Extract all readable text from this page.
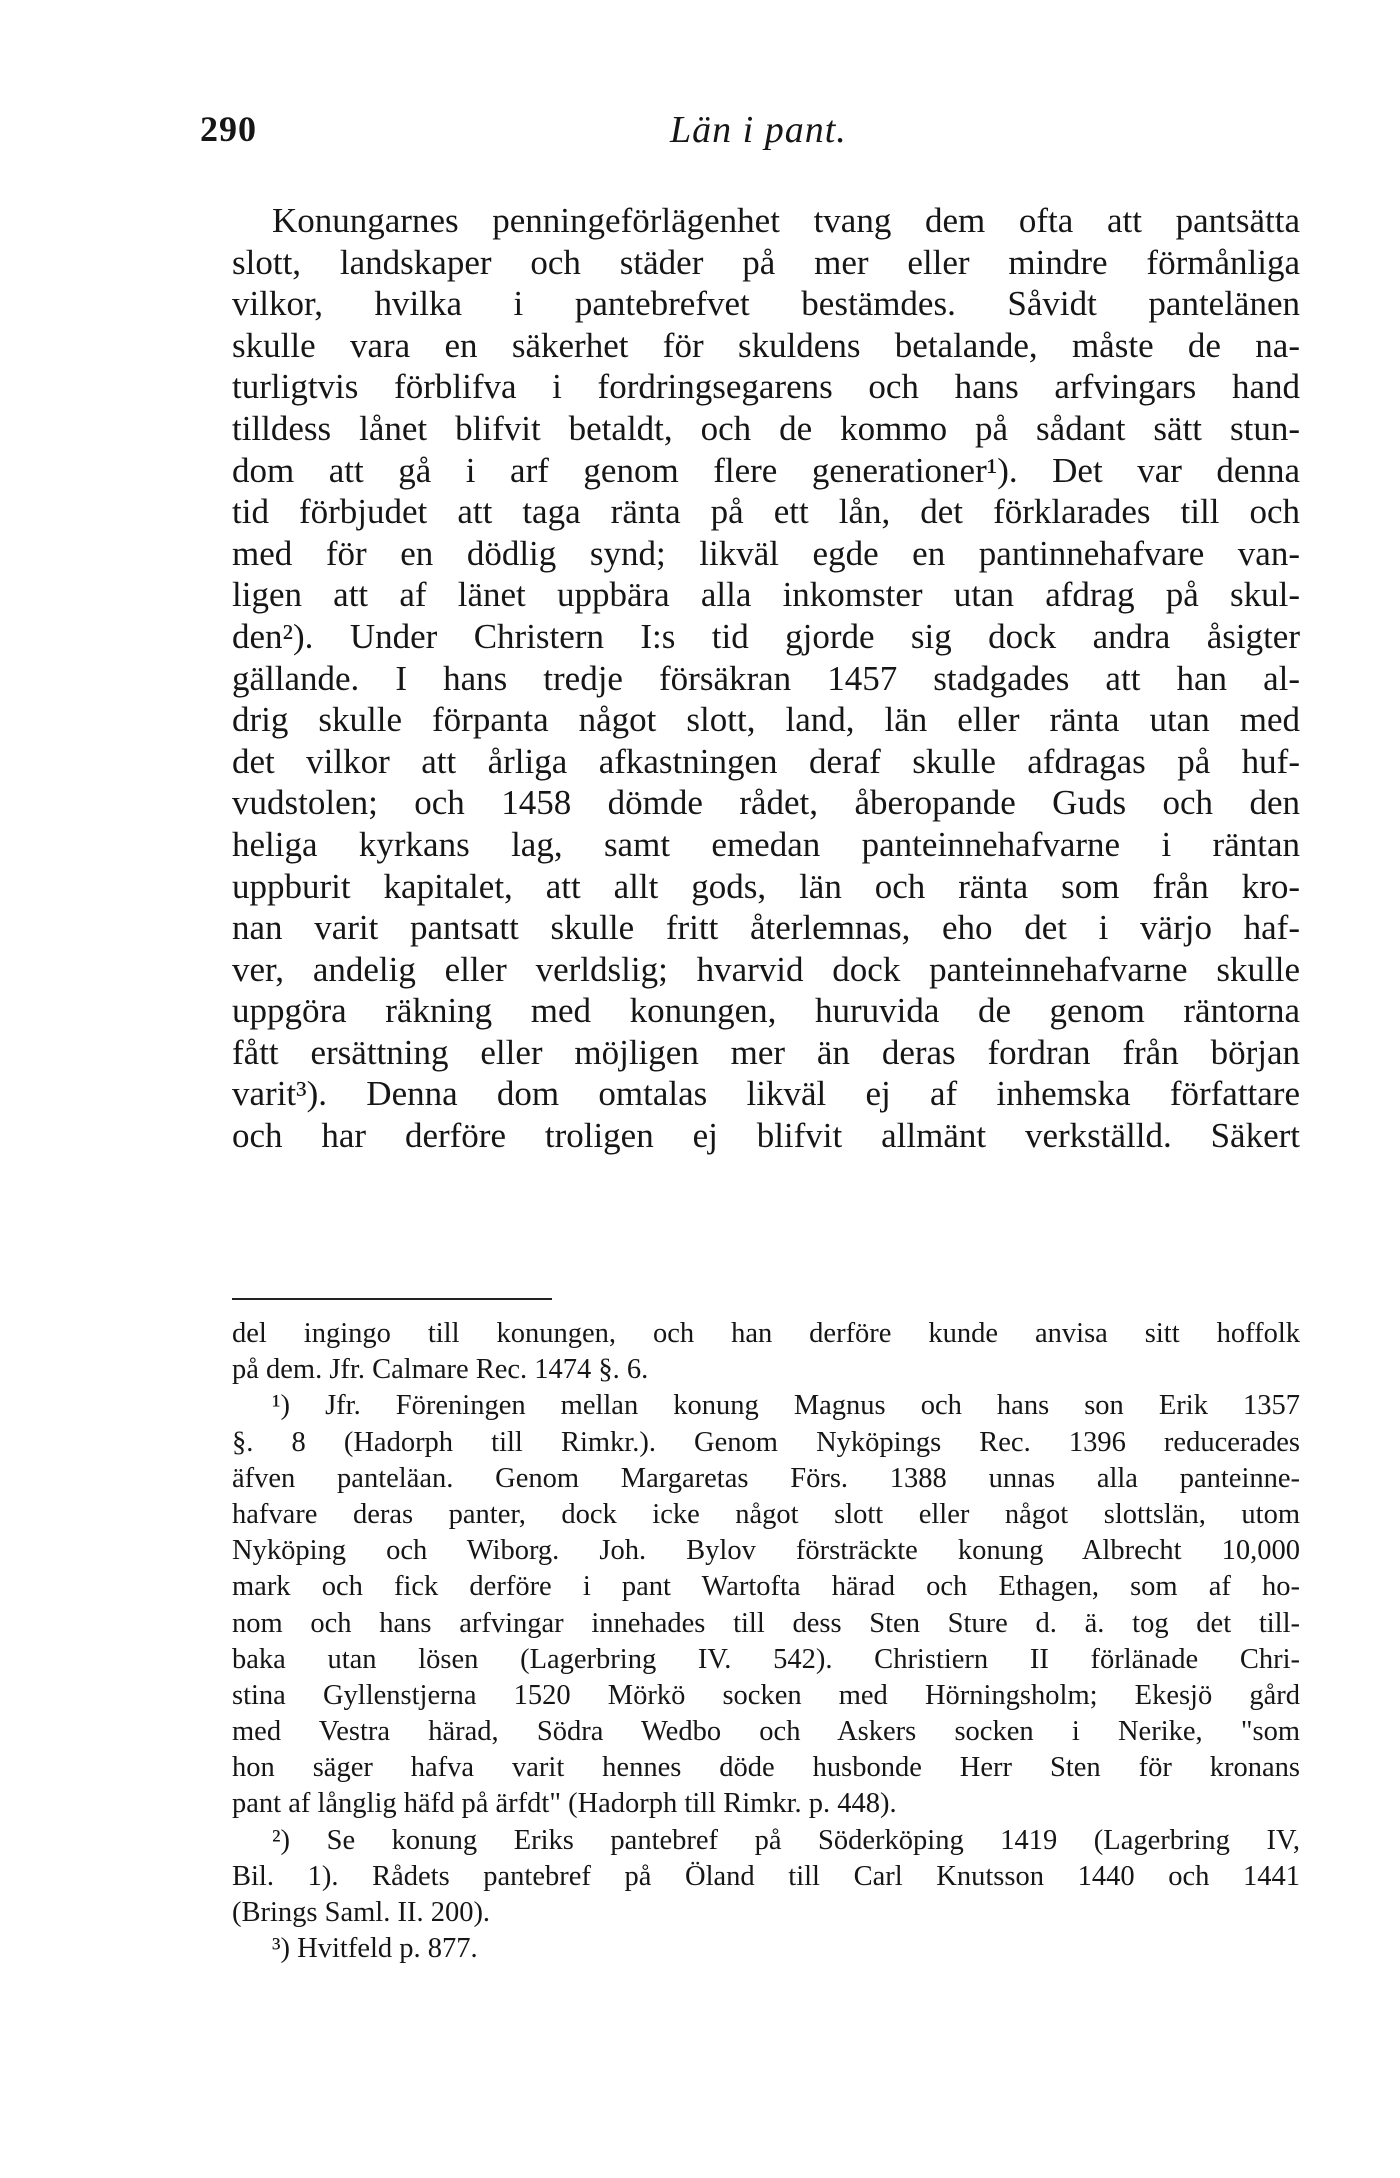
290	Län i pant.
Konungarnes penningeförlägenhet tvang dem ofta att pantsätta
slott, landskaper och städer på mer eller mindre förmånliga
vilkor, hvilka i pantebrefvet bestämdes. Såvidt pantelänen
skulle vara en säkerhet för skuldens betalande, måste de na-
turligtvis förblifva i fordringsegarens och hans arfvingars hand
tilldess lånet blifvit betaldt, och de kommo på sådant sätt stun-
dom att gå i arf genom flere generationer¹). Det var denna
tid förbjudet att taga ränta på ett lån, det förklarades till och
med för en dödlig synd; likväl egde en pantinnehafvare van-
ligen att af länet uppbära alla inkomster utan afdrag på skul-
den²). Under Christern I:s tid gjorde sig dock andra åsigter
gällande. I hans tredje försäkran 1457 stadgades att han al-
drig skulle förpanta något slott, land, län eller ränta utan med
det vilkor att årliga afkastningen deraf skulle afdragas på huf-
vudstolen; och 1458 dömde rådet, åberopande Guds och den
heliga kyrkans lag, samt emedan panteinnehafvarne i räntan
uppburit kapitalet, att allt gods, län och ränta som från kro-
nan varit pantsatt skulle fritt återlemnas, eho det i värjo haf-
ver, andelig eller verldslig; hvarvid dock panteinnehafvarne skulle
uppgöra räkning med konungen, huruvida de genom räntorna
fått ersättning eller möjligen mer än deras fordran från början
varit³). Denna dom omtalas likväl ej af inhemska författare
och har derföre troligen ej blifvit allmänt verkställd. Säkert
del ingingo till konungen, och han derföre kunde anvisa sitt hoffolk
på dem. Jfr. Calmare Rec. 1474 §. 6.
¹) Jfr. Föreningen mellan konung Magnus och hans son Erik 1357
§. 8 (Hadorph till Rimkr.). Genom Nyköpings Rec. 1396 reducerades
äfven panteläan. Genom Margaretas Förs. 1388 unnas alla panteinne-
hafvare deras panter, dock icke något slott eller något slottslän, utom
Nyköping och Wiborg. Joh. Bylov försträckte konung Albrecht 10,000
mark och fick derföre i pant Wartofta härad och Ethagen, som af ho-
nom och hans arfvingar innehades till dess Sten Sture d. ä. tog det till-
baka utan lösen (Lagerbring IV. 542). Christiern II förlänade Chri-
stina Gyllenstjerna 1520 Mörkö socken med Hörningsholm; Ekesjö gård
med Vestra härad, Södra Wedbo och Askers socken i Nerike, "som
hon säger hafva varit hennes döde husbonde Herr Sten för kronans
pant af långlig häfd på ärfdt" (Hadorph till Rimkr. p. 448).
²) Se konung Eriks pantebref på Söderköping 1419 (Lagerbring IV,
Bil. 1). Rådets pantebref på Öland till Carl Knutsson 1440 och 1441
(Brings Saml. II. 200).
³) Hvitfeld p. 877.
